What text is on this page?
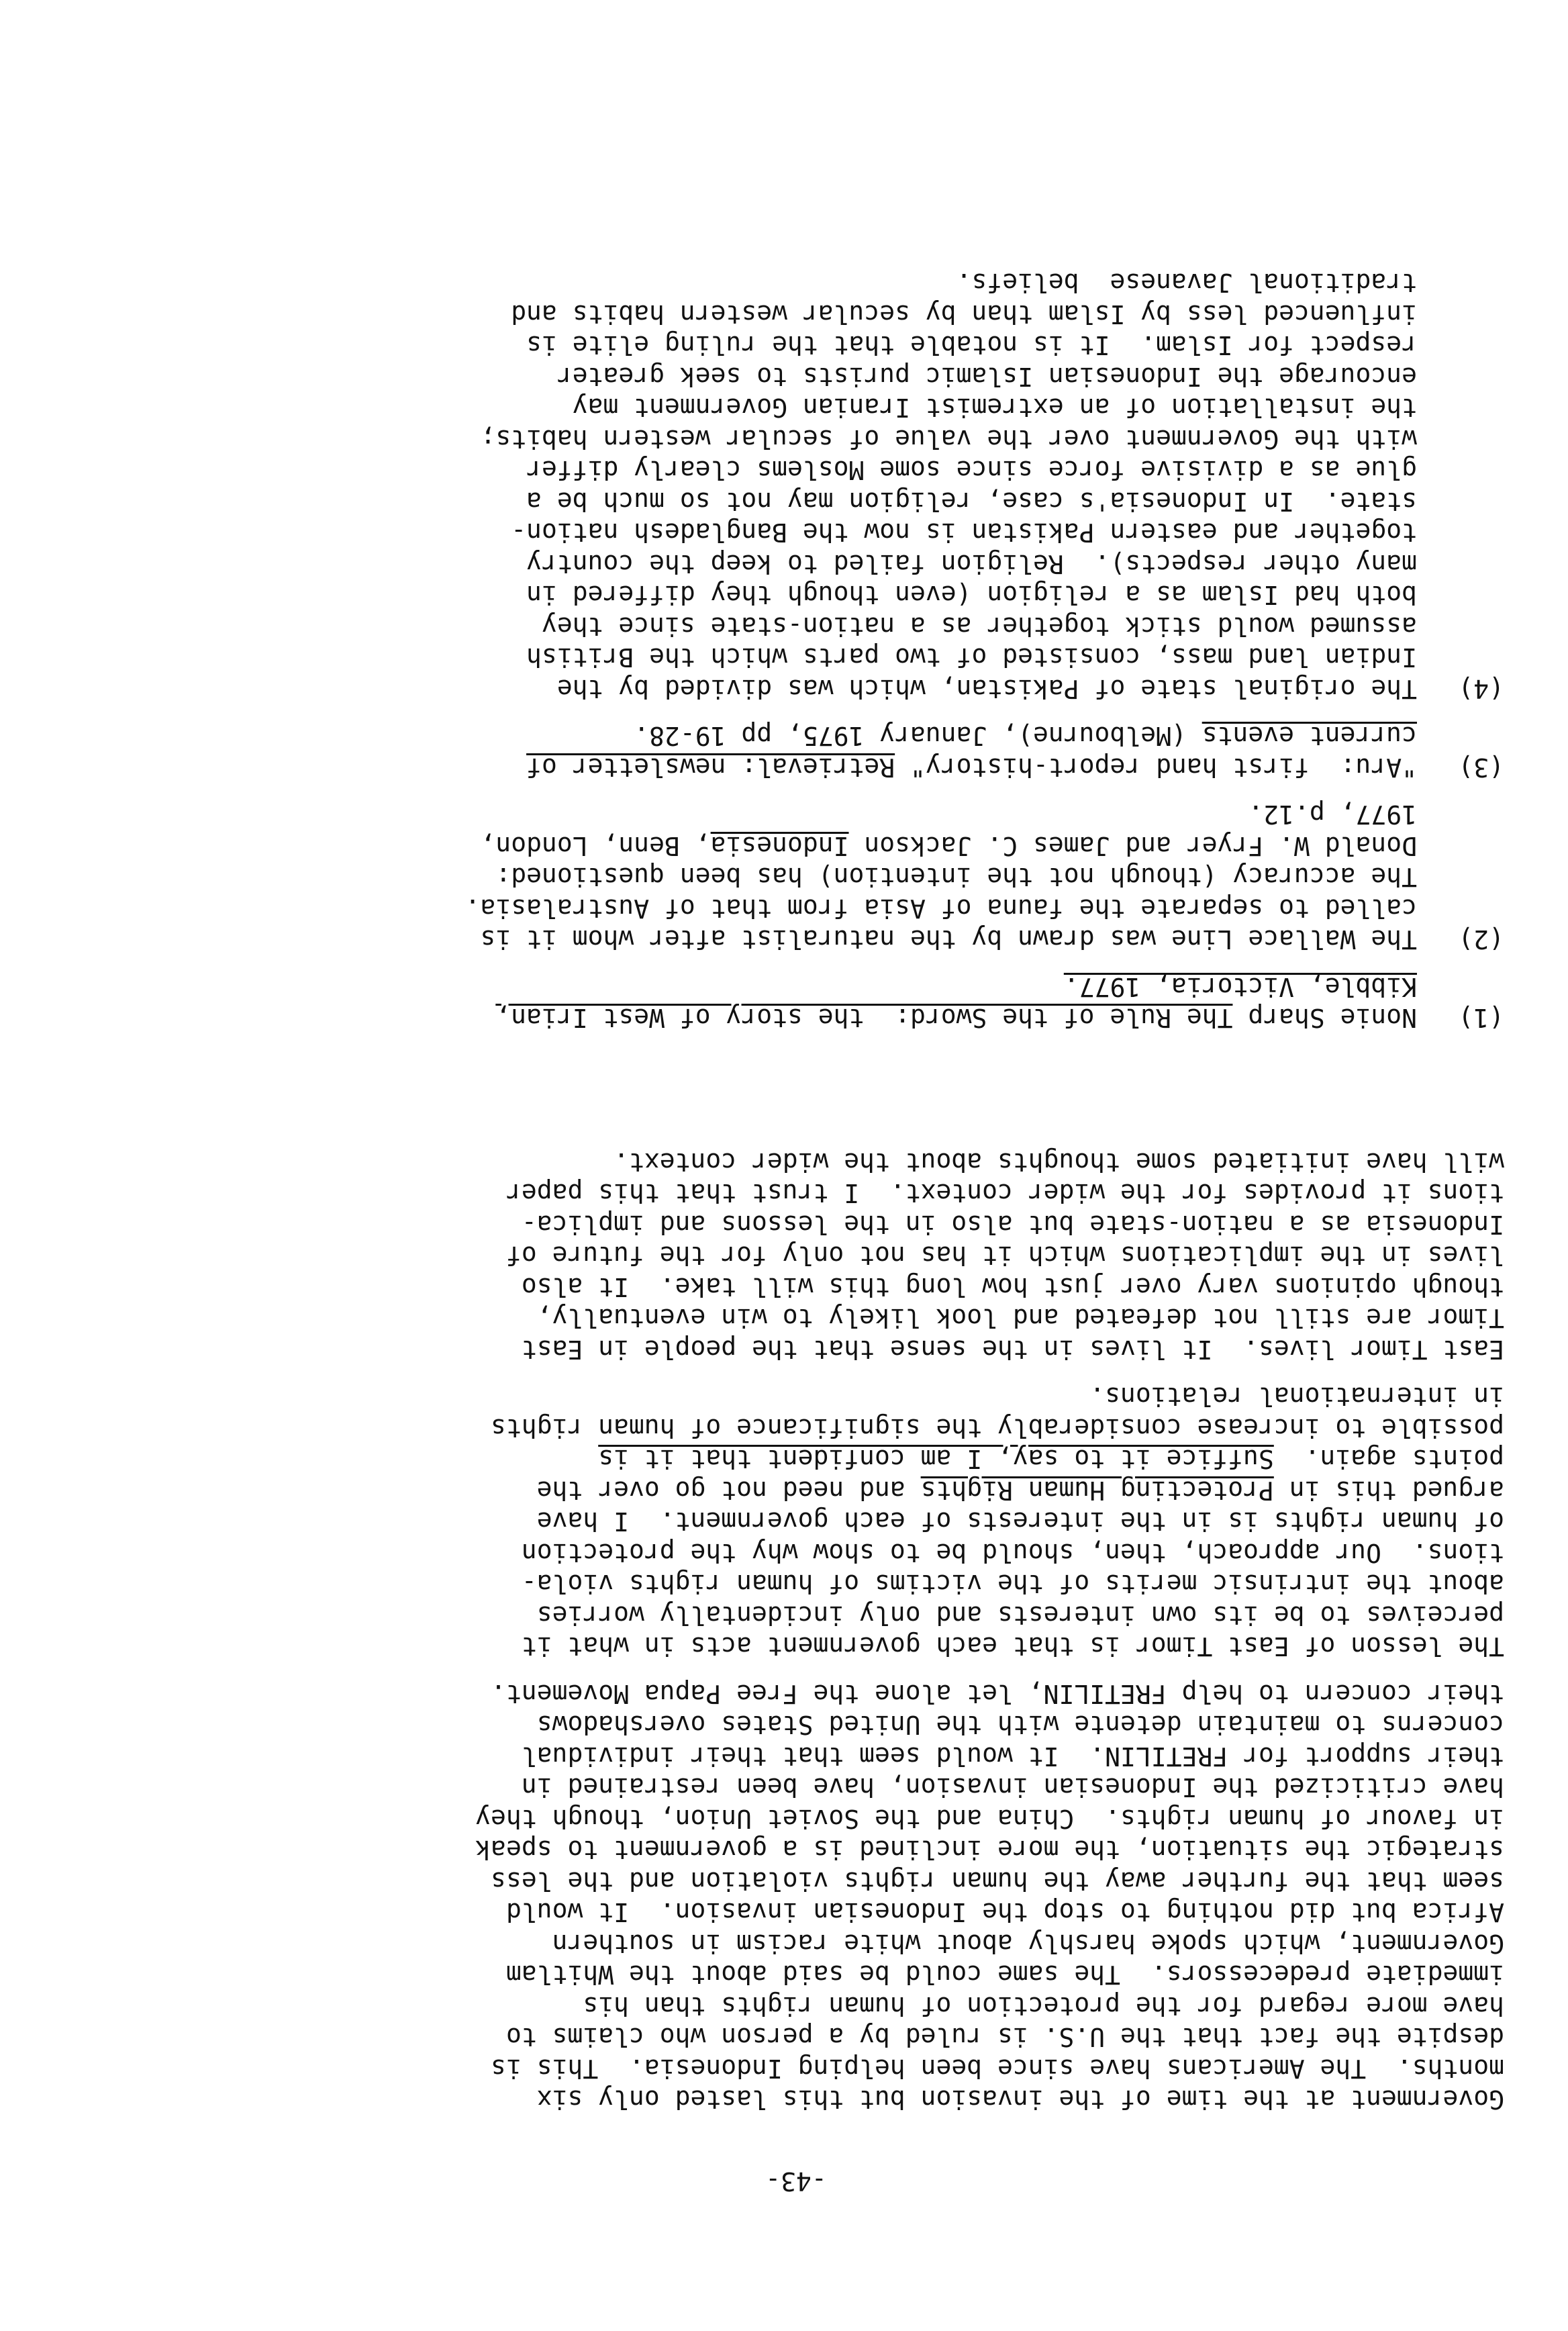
-43-
Government at the time of the invasion but this lasted only six
months.  The Americans have since been helping Indonesia.  This is
despite the fact that the U.S. is ruled by a person who claims to
have more regard for the protection of human rights than his
immediate predecessors.  The same could be said about the Whitlam
Government, which spoke harshly about white racism in southern
Africa but did nothing to stop the Indonesian invasion.  It would
seem that the further away the human rights violation and the less
strategic the situation, the more inclined is a government to speak
in favour of human rights.  China and the Soviet Union, though they
have criticized the Indonesian invasion, have been restrained in
their support for FRETILIN.  It would seem that their individual
concerns to maintain detente with the United States overshadows
their concern to help FRETILIN, let alone the Free Papua Movement.
The lesson of East Timor is that each government acts in what it
perceives to be its own interests and only incidentally worries
about the intrinsic merits of the victims of human rights viola-
tions.  Our approach, then, should be to show why the protection
of human rights is in the interests of each government.  I have
argued this in Protecting Human Rights and need not go over the
points again.  Suffice it to say, I am confident that it is
possible to increase considerably the significance of human rights
in international relations.
East Timor lives.  It lives in the sense that the people in East
Timor are still not defeated and look likely to win eventually,
though opinions vary over just how long this will take.  It also
lives in the implications which it has not only for the future of
Indonesia as a nation-state but also in the lessons and implica-
tions it provides for the wider context.  I trust that this paper
will have initiated some thoughts about the wider context.
(1)
Nonie Sharp The Rule of the Sword:  the story of West Irian,
Kibble, Victoria, 1977.
(2)
The Wallace Line was drawn by the naturalist after whom it is
called to separate the fauna of Asia from that of Australasia.
The accuracy (though not the intention) has been questioned:
Donald W. Fryer and James C. Jackson Indonesia, Benn, London,
1977, p.12.
(3)
"Aru:  first hand report-history" Retrieval: newsletter of
current events (Melbourne), January 1975, pp 19-28.
(4)
The original state of Pakistan, which was divided by the
Indian land mass, consisted of two parts which the British
assumed would stick together as a nation-state since they
both had Islam as a religion (even though they differed in
many other respects).  Religion failed to keep the country
together and eastern Pakistan is now the Bangladesh nation-
state.  In Indonesia's case, religion may not so much be a
glue as a divisive force since some Moslems clearly differ
with the Government over the value of secular western habits;
the installation of an extremist Iranian Government may
encourage the Indonesian Islamic purists to seek greater
respect for Islam.  It is notable that the ruling elite is
influenced less by Islam than by secular western habits and
traditional Javanese  beliefs.
